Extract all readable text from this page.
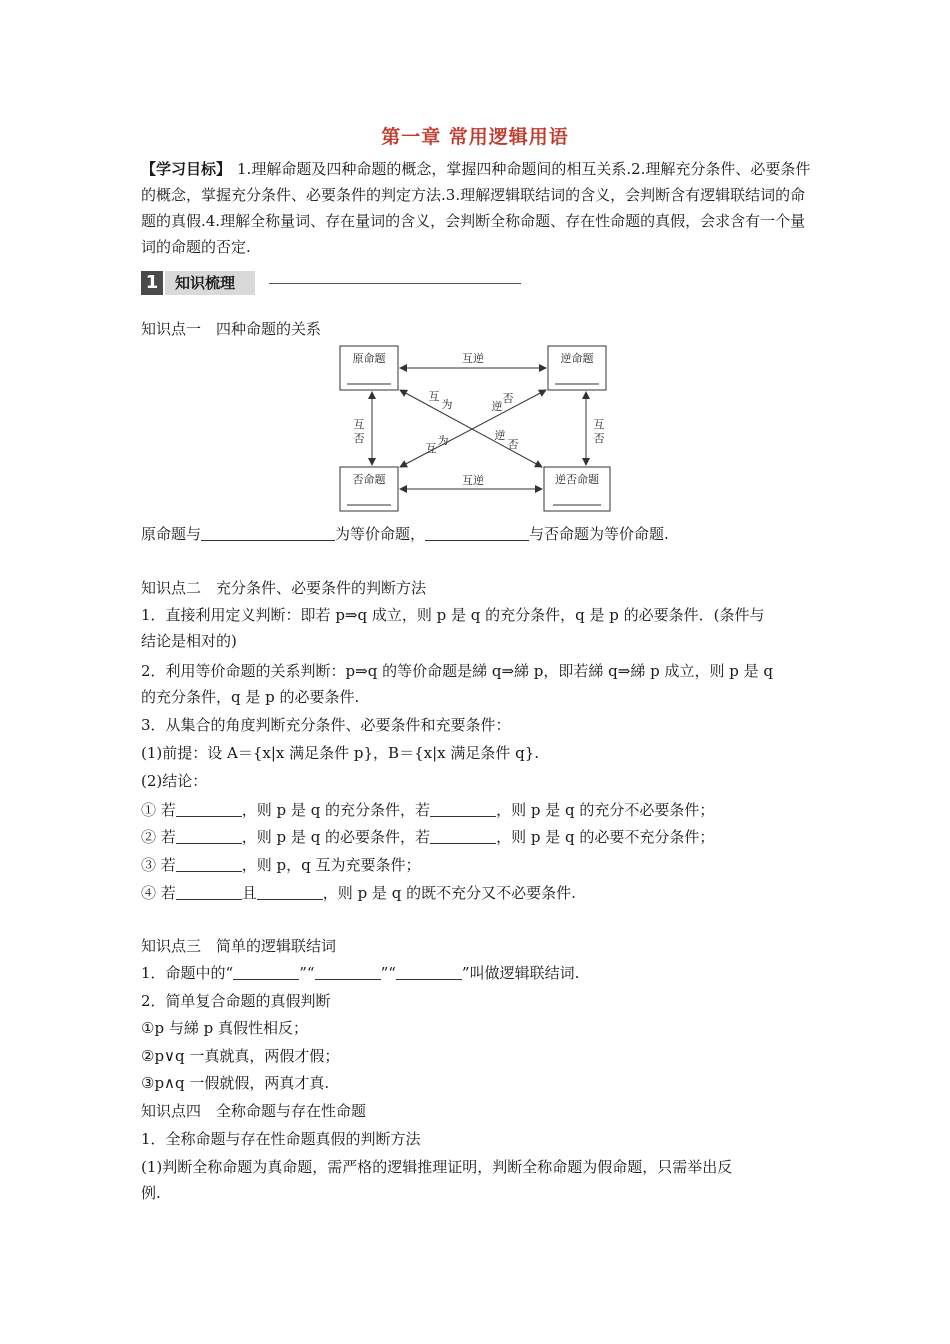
第一章 常用逻辑用语
【学习目标】 1.理解命题及四种命题的概念，掌握四种命题间的相互关系.2.理解充分条件、必要条件的概念，掌握充分条件、必要条件的判定方法.3.理解逻辑联结词的含义，会判断含有逻辑联结词的命题的真假.4.理解全称量词、存在量词的含义，会判断全称命题、存在性命题的真假，会求含有一个量词的命题的否定.
1	知识梳理
知识点一　四种命题的关系
原命题	逆命题
否命题	逆否命题
互逆
互逆
互
否
互
否
互
为	逆
否
为
互
逆
否
原命题与	为等价命题，	与否命题为等价命题.
知识点二　充分条件、必要条件的判断方法
1．直接利用定义判断：即若 p⇒q 成立，则 p 是 q 的充分条件，q 是 p 的必要条件．(条件与
结论是相对的)
2．利用等价命题的关系判断：p⇒q 的等价命题是綈 q⇒綈 p，即若綈 q⇒綈 p 成立，则 p 是 q
的充分条件，q 是 p 的必要条件.
3．从集合的角度判断充分条件、必要条件和充要条件：
(1)前提：设 A＝{x|x 满足条件 p}，B＝{x|x 满足条件 q}.
(2)结论：
① 若	，则 p 是 q 的充分条件，若	，则 p 是 q 的充分不必要条件；
② 若	，则 p 是 q 的必要条件，若	，则 p 是 q 的必要不充分条件；
③ 若	，则 p，q 互为充要条件；
④ 若	且	，则 p 是 q 的既不充分又不必要条件.
知识点三　简单的逻辑联结词
1．命题中的“	”“	”“	”叫做逻辑联结词.
2．简单复合命题的真假判断
①p 与綈 p 真假性相反；
②p∨q 一真就真，两假才假；
③p∧q 一假就假，两真才真.
知识点四　全称命题与存在性命题
1．全称命题与存在性命题真假的判断方法
(1)判断全称命题为真命题，需严格的逻辑推理证明，判断全称命题为假命题，只需举出反
例.
